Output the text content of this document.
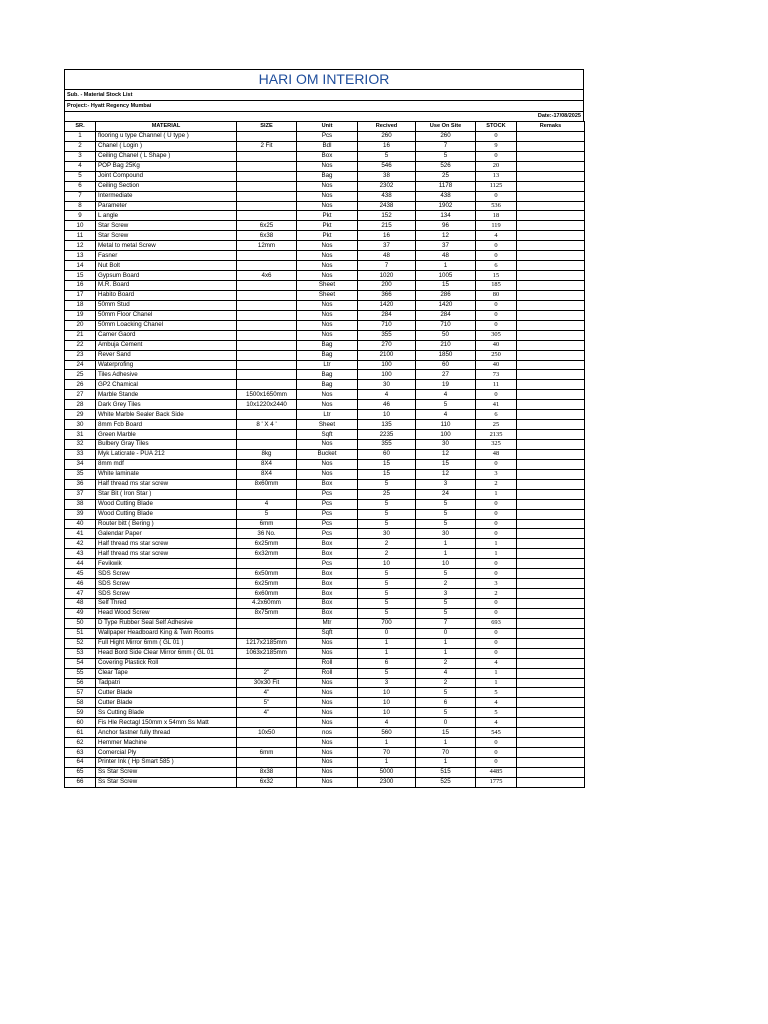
HARI OM INTERIOR
Sub. - Material Stock List
Project:- Hyatt Regency Mumbai
Date:-17/08/2025
SR.	MATERIAL	SIZE	Unit	Recived	Use On Site	STOCK	Remaks
1	flooring u type Channel ( U type )		Pcs	260	260	0	
2	Chanel ( Login )	2 Fit	Bdl	16	7	9	
3	Ceiling Chanel ( L Shape )		Box	5	5	0	
4	POP Bag 25Kg		Nos	546	526	20	
5	Joint Compound		Bag	38	25	13	
6	Ceiling Section		Nos	2302	1178	1125	
7	Intermediate		Nos	438	438	0	
8	Parameter		Nos	2438	1902	536	
9	L angle		Pkt	152	134	18	
10	Star Screw	6x25	Pkt	215	96	119	
11	Star Screw	6x38	Pkt	16	12	4	
12	Metal to metal Screw	12mm	Nos	37	37	0	
13	Fasner		Nos	48	48	0	
14	Nut Bolt		Nos	7	1	6	
15	Gypsum Board	4x6	Nos	1020	1005	15	
16	M.R. Board		Sheet	200	15	185	
17	Habito Board		Sheet	366	286	80	
18	50mm Stud		Nos	1420	1420	0	
19	50mm Floor Chanel		Nos	284	284	0	
20	50mm Loacking Chanel		Nos	710	710	0	
21	Camer Gaord		Nos	355	50	305	
22	Ambuja Cement		Bag	270	210	40	
23	Rever Sand		Bag	2100	1850	250	
24	Waterprofing		Ltr	100	60	40	
25	Tiles Adhesive		Bag	100	27	73	
26	GP2 Chamical		Bag	30	19	11	
27	Marble Stande	1500x1650mm	Nos	4	4	0	
28	Dark Grey Tiles	10x1220x2440	Nos	46	5	41	
29	White Marble Sealer Back Side		Ltr	10	4	6	
30	8mm Fcb Board	8 ' X 4 '	Sheet	135	110	25	
31	Green Marble		Sqft	2235	100	2135	
32	Bulbery Gray Tiles		Nos	355	30	325	
33	Myk Laticrate - PUA 212	8kg	Bucket	60	12	48	
34	8mm mdf	8X4	Nos	15	15	0	
35	White laminate	8X4	Nos	15	12	3	
36	Half thread ms star screw	8x60mm	Box	5	3	2	
37	Star Bit ( Iron Star )		Pcs	25	24	1	
38	Wood Cutting Blade	4	Pcs	5	5	0	
39	Wood Cutting Blade	5	Pcs	5	5	0	
40	Router bitt ( Bering )	6mm	Pcs	5	5	0	
41	Galendar Paper	36 No.	Pcs	30	30	0	
42	Half thread ms star screw	6x25mm	Box	2	1	1	
43	Half thread ms star screw	6x32mm	Box	2	1	1	
44	Fevikwik		Pcs	10	10	0	
45	SDS Screw	6x50mm	Box	5	5	0	
46	SDS Screw	6x25mm	Box	5	2	3	
47	SDS Screw	6x60mm	Box	5	3	2	
48	Self Thred	4.2x60mm	Box	5	5	0	
49	Head Wood Screw	8x75mm	Box	5	5	0	
50	D Type Rubber Seal Self Adhesive		Mtr	700	7	693	
51	Wallpaper Headboard King & Twin Rooms		Sqft	0	0	0	
52	Full Hight Mirror 6mm ( GL 01 )	1217x2185mm	Nos	1	1	0	
53	Head Bord Side Clear Mirror 6mm ( GL 01	1063x2185mm	Nos	1	1	0	
54	Covering Plastick Roll		Roll	6	2	4	
55	Clear Tape	2"	Roll	5	4	1	
56	Tadpatri	30x30 Fit	Nos	3	2	1	
57	Cutter Blade	4"	Nos	10	5	5	
58	Cutter Blade	5"	Nos	10	6	4	
59	Ss Cutting Blade	4"	Nos	10	5	5	
60	Fis Hle Rectagl 150mm x 54mm Ss Matt		Nos	4	0	4	
61	Anchor fastner fully thread	10x50	nos	560	15	545	
62	Hemmer Machine		Nos	1	1	0	
63	Comercial Ply	6mm	Nos	70	70	0	
64	Printer Ink ( Hp Smart 585 )		Nos	1	1	0	
65	Ss Star Screw	8x38	Nos	5000	515	4485	
66	Ss Star Screw	6x32	Nos	2300	525	1775	
